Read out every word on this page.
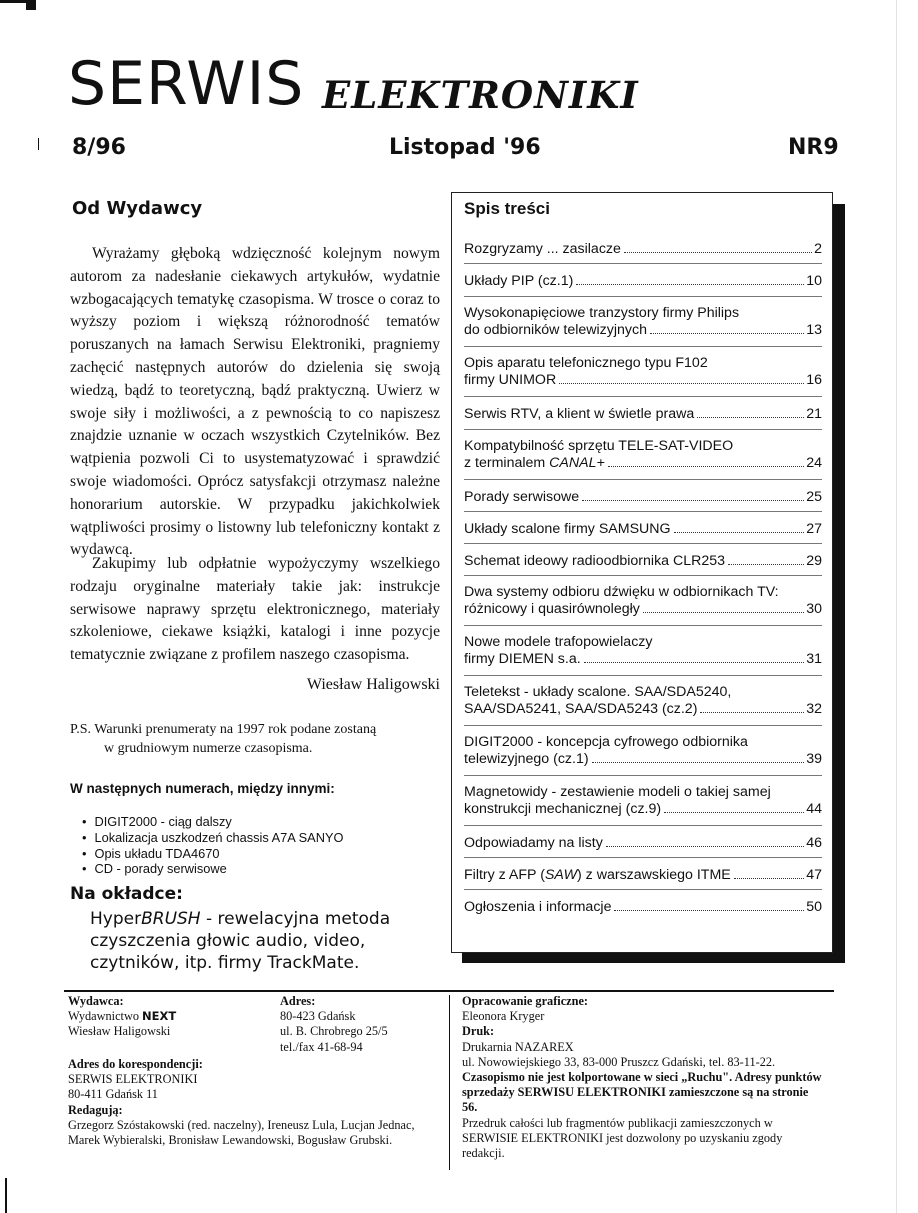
SERWIS ELEKTRONIKI
8/96	Listopad '96	NR9
Od Wydawcy

Wyrażamy głęboką wdzięczność kolejnym nowym autorom za nadesłanie ciekawych artykułów, wydatnie wzbogacających tematykę czasopisma. W trosce o coraz to wyższy poziom i większą różnorodność tematów poruszanych na łamach Serwisu Elektroniki, pragniemy zachęcić następnych autorów do dzielenia się swoją wiedzą, bądź to teoretyczną, bądź praktyczną. Uwierz w swoje siły i możliwości, a z pewnością to co napiszesz znajdzie uznanie w oczach wszystkich Czytelników. Bez wątpienia pozwoli Ci to usystematyzować i sprawdzić swoje wiadomości. Oprócz satysfakcji otrzymasz należne honorarium autorskie. W przypadku jakichkolwiek wątpliwości prosimy o listowny lub telefoniczny kontakt z wydawcą.

Zakupimy lub odpłatnie wypożyczymy wszelkiego rodzaju oryginalne materiały takie jak: instrukcje serwisowe naprawy sprzętu elektronicznego, materiały szkoleniowe, ciekawe książki, katalogi i inne pozycje tematycznie związane z profilem naszego czasopisma.

Wiesław Haligowski
P.S. Warunki prenumeraty na 1997 rok podane zostaną
w grudniowym numerze czasopisma.
W następnych numerach, między innymi:
• DIGIT2000 - ciąg dalszy
• Lokalizacja uszkodzeń chassis A7A SANYO
• Opis układu TDA4670
• CD - porady serwisowe
Na okładce:
HyperBRUSH - rewelacyjna metoda czyszczenia głowic audio, video, czytników, itp. firmy TrackMate.
Spis treści
Rozgryzamy ... zasilacze	2
Układy PIP (cz.1)	10
Wysokonapięciowe tranzystory firmy Philips
do odbiorników telewizyjnych	13
Opis aparatu telefonicznego typu F102
firmy UNIMOR	16
Serwis RTV, a klient w świetle prawa	21
Kompatybilność sprzętu TELE-SAT-VIDEO
z terminalem CANAL+	24
Porady serwisowe	25
Układy scalone firmy SAMSUNG	27
Schemat ideowy radioodbiornika CLR253	29
Dwa systemy odbioru dźwięku w odbiornikach TV:
różnicowy i quasirównoległy	30
Nowe modele trafopowielaczy
firmy DIEMEN s.a.	31
Teletekst - układy scalone. SAA/SDA5240,
SAA/SDA5241, SAA/SDA5243 (cz.2)	32
DIGIT2000 - koncepcja cyfrowego odbiornika
telewizyjnego (cz.1)	39
Magnetowidy - zestawienie modeli o takiej samej
konstrukcji mechanicznej (cz.9)	44
Odpowiadamy na listy	46
Filtry z AFP (SAW) z warszawskiego ITME	47
Ogłoszenia i informacje	50
Wydawca:
Wydawnictwo NEXT
Wiesław Haligowski
Adres:
80-423 Gdańsk
ul. B. Chrobrego 25/5
tel./fax 41-68-94
Adres do korespondencji:
SERWIS ELEKTRONIKI
80-411 Gdańsk 11
Redagują:
Grzegorz Szóstakowski (red. naczelny), Ireneusz Lula, Lucjan Jednac, Marek Wybieralski, Bronisław Lewandowski, Bogusław Grubski.
Opracowanie graficzne:
Eleonora Kryger
Druk:
Drukarnia NAZAREX
ul. Nowowiejskiego 33, 83-000 Pruszcz Gdański, tel. 83-11-22.
Czasopismo nie jest kolportowane w sieci „Ruchu". Adresy punktów sprzedaży SERWISU ELEKTRONIKI zamieszczone są na stronie 56.
Przedruk całości lub fragmentów publikacji zamieszczonych w SERWISIE ELEKTRONIKI jest dozwolony po uzyskaniu zgody redakcji.
